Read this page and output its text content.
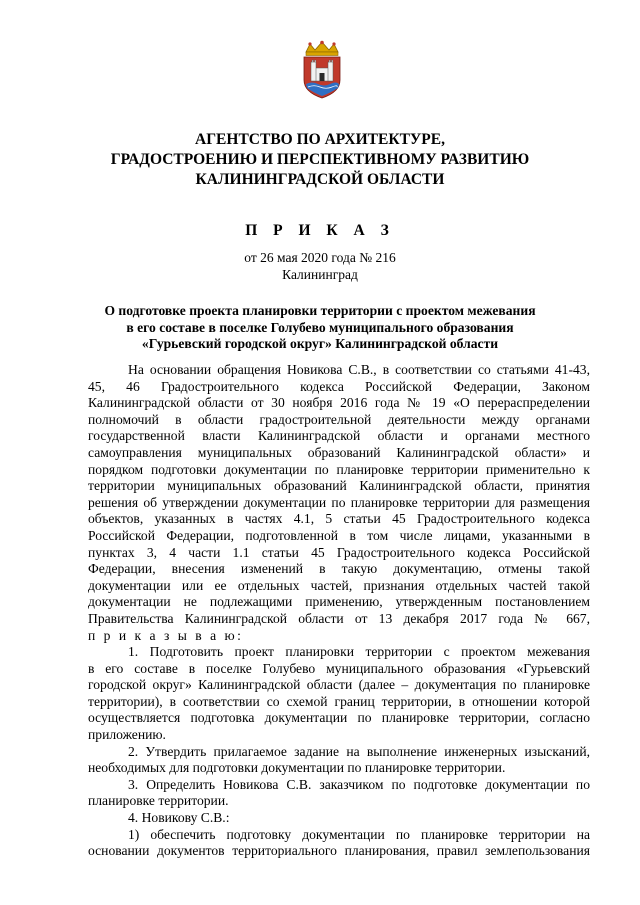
АГЕНТСТВО ПО АРХИТЕКТУРЕ,
ГРАДОСТРОЕНИЮ И ПЕРСПЕКТИВНОМУ РАЗВИТИЮ
КАЛИНИНГРАДСКОЙ ОБЛАСТИ
П Р И К А З
от 26 мая 2020 года № 216
Калининград
О подготовке проекта планировки территории с проектом межевания
в его составе в поселке Голубево муниципального образования
«Гурьевский городской округ» Калининградской области

На основании обращения Новикова С.В., в соответствии со статьями 41-43,

45, 46 Градостроительного кодекса Российской Федерации, Законом

Калининградской области от 30 ноября 2016 года № 19 «О перераспределении

полномочий в области градостроительной деятельности между органами

государственной власти Калининградской области и органами местного

самоуправления муниципальных образований Калининградской области» и

порядком подготовки документации по планировке территории применительно к

территории муниципальных образований Калининградской области, принятия

решения об утверждении документации по планировке территории для размещения

объектов, указанных в частях 4.1, 5 статьи 45 Градостроительного кодекса

Российской Федерации, подготовленной в том числе лицами, указанными в

пунктах 3, 4 части 1.1 статьи 45 Градостроительного кодекса Российской

Федерации, внесения изменений в такую документацию, отмены такой

документации или ее отдельных частей, признания отдельных частей такой

документации не подлежащими применению, утвержденным постановлением

Правительства Калининградской области от 13 декабря 2017 года № 667,

п р и к а з ы в а ю:

1. Подготовить проект планировки территории с проектом межевания

в его составе в поселке Голубево муниципального образования «Гурьевский

городской округ» Калининградской области (далее – документация по планировке

территории), в соответствии со схемой границ территории, в отношении которой

осуществляется подготовка документации по планировке территории, согласно

приложению.

2. Утвердить прилагаемое задание на выполнение инженерных изысканий,

необходимых для подготовки документации по планировке территории.

3. Определить Новикова С.В. заказчиком по подготовке документации по

планировке территории.

4. Новикову С.В.:

1) обеспечить подготовку документации по планировке территории на

основании документов территориального планирования, правил землепользования
